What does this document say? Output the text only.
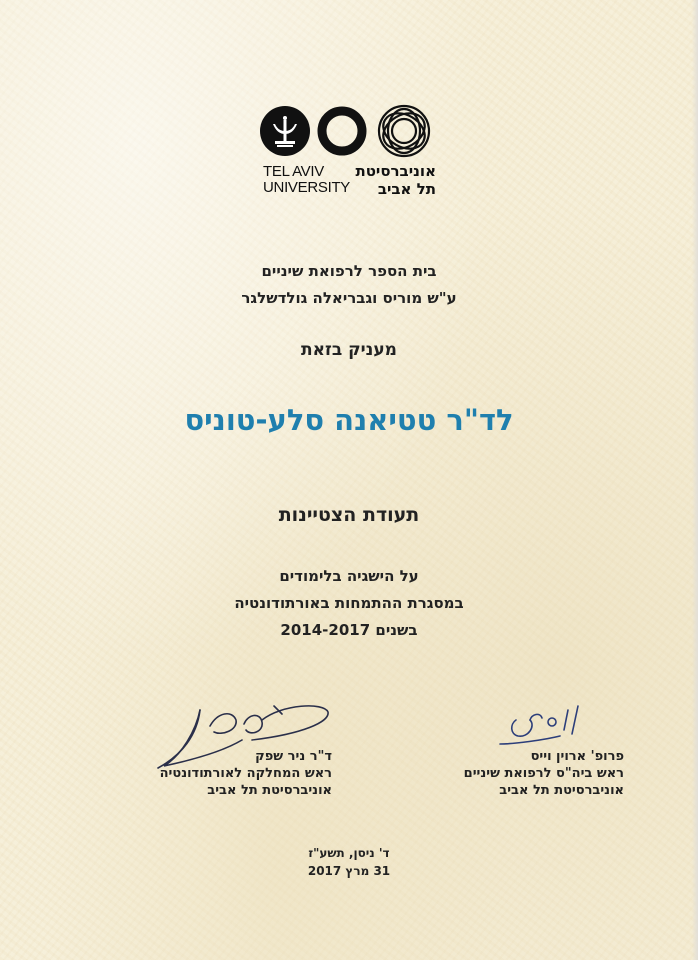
TEL AVIV
UNIVERSITY
אוניברסיטת
תל אביב
בית הספר לרפואת שיניים
ע"ש מוריס וגבריאלה גולדשלגר
מעניק בזאת
לד"ר טטיאנה סלע-טוניס
תעודת הצטיינות
על הישגיה בלימודים
במסגרת ההתמחות באורתודונטיה
בשנים 2014-2017
ד"ר ניר שפק
ראש המחלקה לאורתודונטיה
אוניברסיטת תל אביב
פרופ' ארוין וייס
ראש ביה"ס לרפואת שיניים
אוניברסיטת תל אביב
ד' ניסן, תשע"ז
31 מרץ 2017
